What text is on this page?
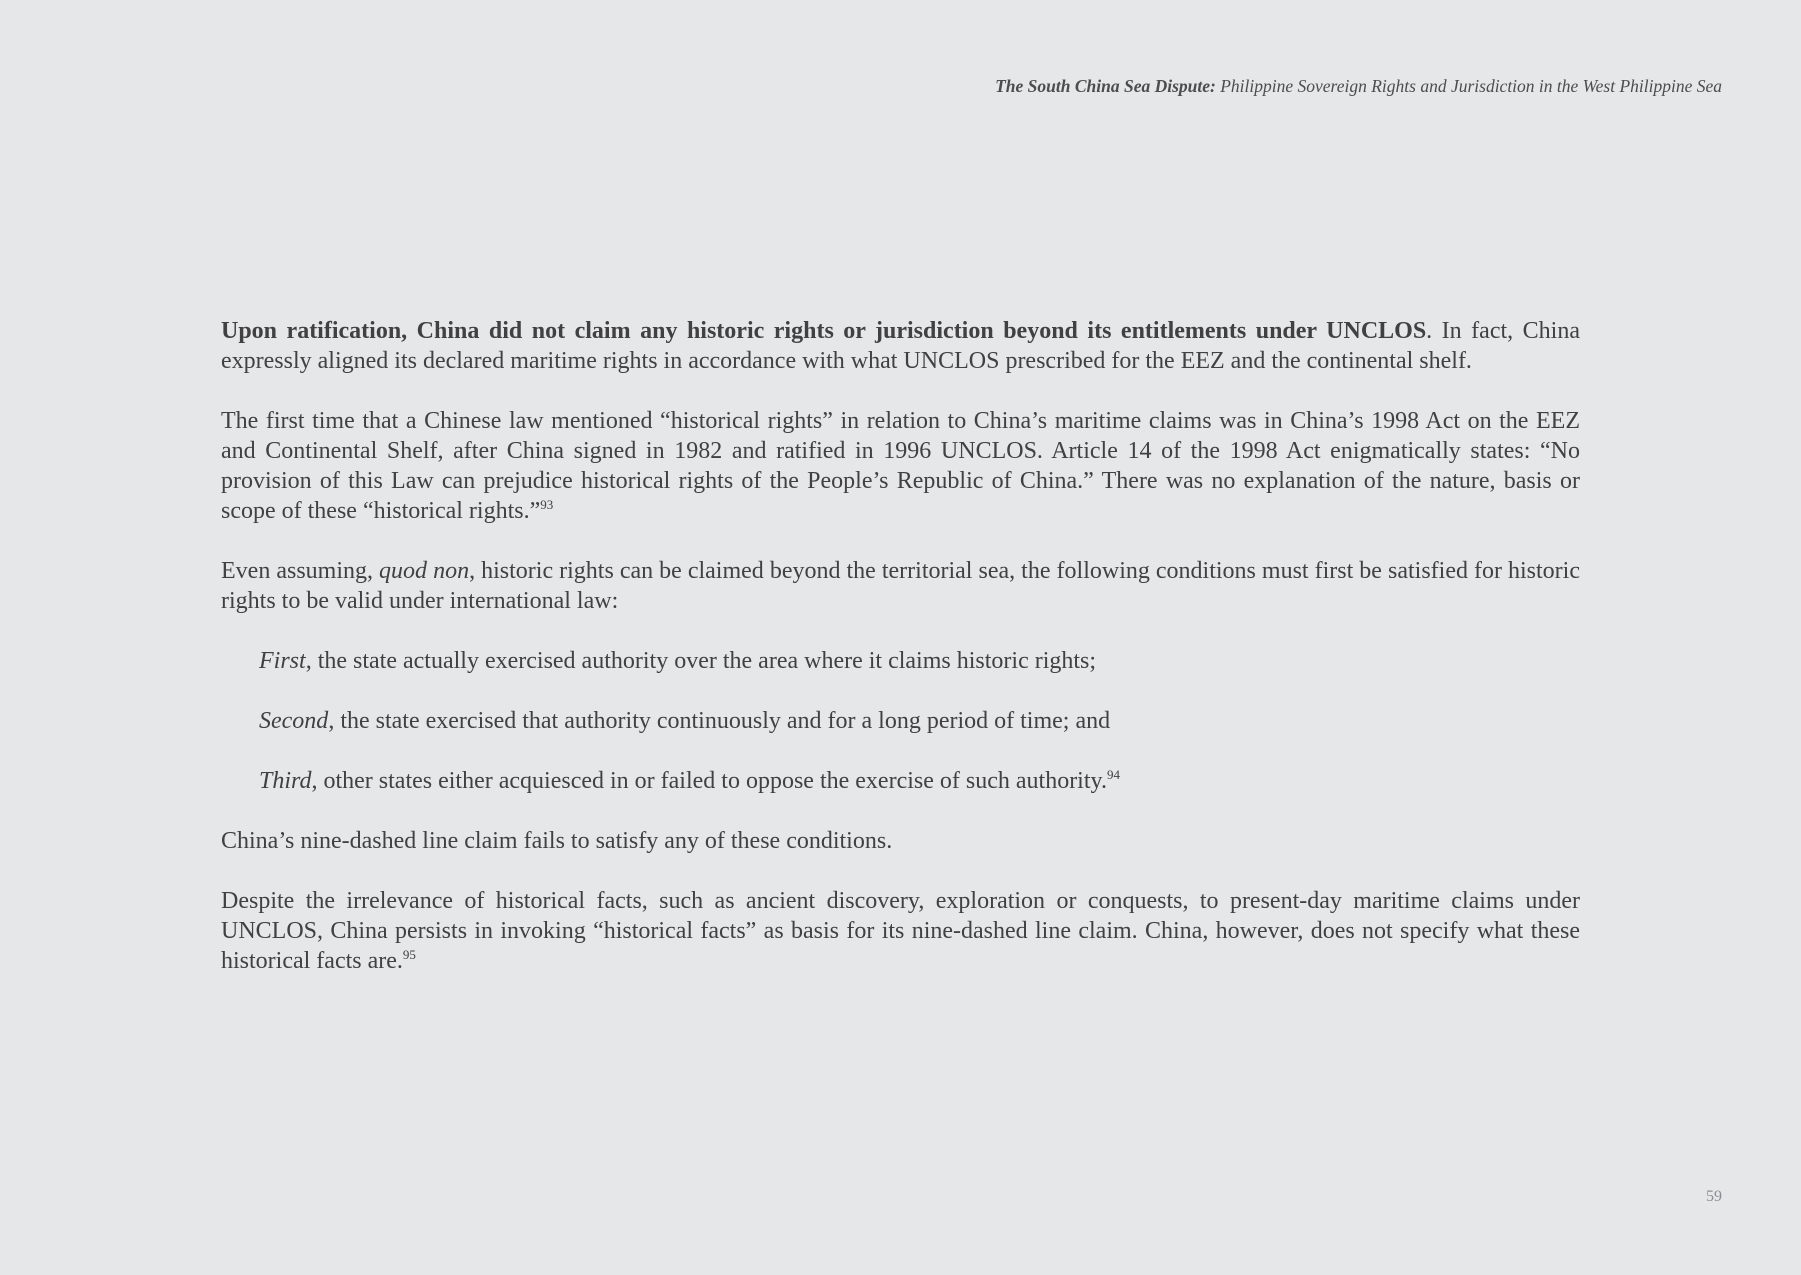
The South China Sea Dispute: Philippine Sovereign Rights and Jurisdiction in the West Philippine Sea

Upon ratification, China did not claim any historic rights or jurisdiction beyond its entitlements under UNCLOS. In fact, China expressly aligned its declared maritime rights in accordance with what UNCLOS prescribed for the EEZ and the continental shelf.

The first time that a Chinese law mentioned “historical rights” in relation to China’s maritime claims was in China’s 1998 Act on the EEZ and Continental Shelf, after China signed in 1982 and ratified in 1996 UNCLOS. Article 14 of the 1998 Act enigmatically states: “No provision of this Law can prejudice historical rights of the People’s Republic of China.” There was no explanation of the nature, basis or scope of these “historical rights.”$^{93}$

Even assuming, quod non, historic rights can be claimed beyond the territorial sea, the following conditions must first be satisfied for historic rights to be valid under international law:

First, the state actually exercised authority over the area where it claims historic rights;

Second, the state exercised that authority continuously and for a long period of time; and

Third, other states either acquiesced in or failed to oppose the exercise of such authority.$^{94}$

China’s nine-dashed line claim fails to satisfy any of these conditions.

Despite the irrelevance of historical facts, such as ancient discovery, exploration or conquests, to present-day maritime claims under UNCLOS, China persists in invoking “historical facts” as basis for its nine-dashed line claim. China, however, does not specify what these historical facts are.$^{95}$

59
